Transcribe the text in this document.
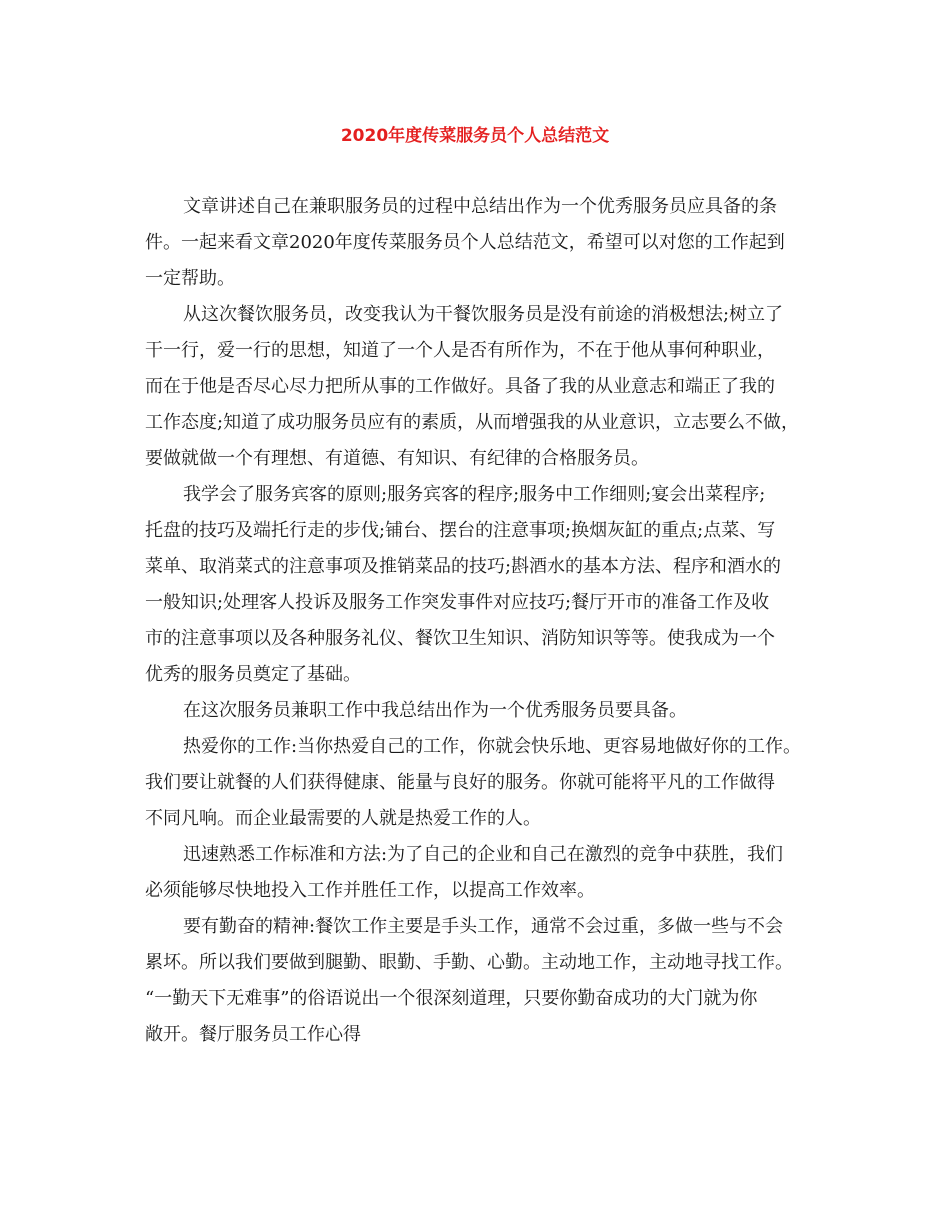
2020年度传菜服务员个人总结范文
文章讲述自己在兼职服务员的过程中总结出作为一个优秀服务员应具备的条
件。一起来看文章2020年度传菜服务员个人总结范文，希望可以对您的工作起到
一定帮助。
从这次餐饮服务员，改变我认为干餐饮服务员是没有前途的消极想法;树立了
干一行，爱一行的思想，知道了一个人是否有所作为，不在于他从事何种职业，
而在于他是否尽心尽力把所从事的工作做好。具备了我的从业意志和端正了我的
工作态度;知道了成功服务员应有的素质，从而增强我的从业意识，立志要么不做，
要做就做一个有理想、有道德、有知识、有纪律的合格服务员。
我学会了服务宾客的原则;服务宾客的程序;服务中工作细则;宴会出菜程序;
托盘的技巧及端托行走的步伐;铺台、摆台的注意事项;换烟灰缸的重点;点菜、写
菜单、取消菜式的注意事项及推销菜品的技巧;斟酒水的基本方法、程序和酒水的
一般知识;处理客人投诉及服务工作突发事件对应技巧;餐厅开市的准备工作及收
市的注意事项以及各种服务礼仪、餐饮卫生知识、消防知识等等。使我成为一个
优秀的服务员奠定了基础。
在这次服务员兼职工作中我总结出作为一个优秀服务员要具备。
热爱你的工作:当你热爱自己的工作，你就会快乐地、更容易地做好你的工作。
我们要让就餐的人们获得健康、能量与良好的服务。你就可能将平凡的工作做得
不同凡响。而企业最需要的人就是热爱工作的人。
迅速熟悉工作标准和方法:为了自己的企业和自己在激烈的竞争中获胜，我们
必须能够尽快地投入工作并胜任工作，以提高工作效率。
要有勤奋的精神:餐饮工作主要是手头工作，通常不会过重，多做一些与不会
累坏。所以我们要做到腿勤、眼勤、手勤、心勤。主动地工作，主动地寻找工作。
“一勤天下无难事”的俗语说出一个很深刻道理，只要你勤奋成功的大门就为你
敞开。餐厅服务员工作心得
